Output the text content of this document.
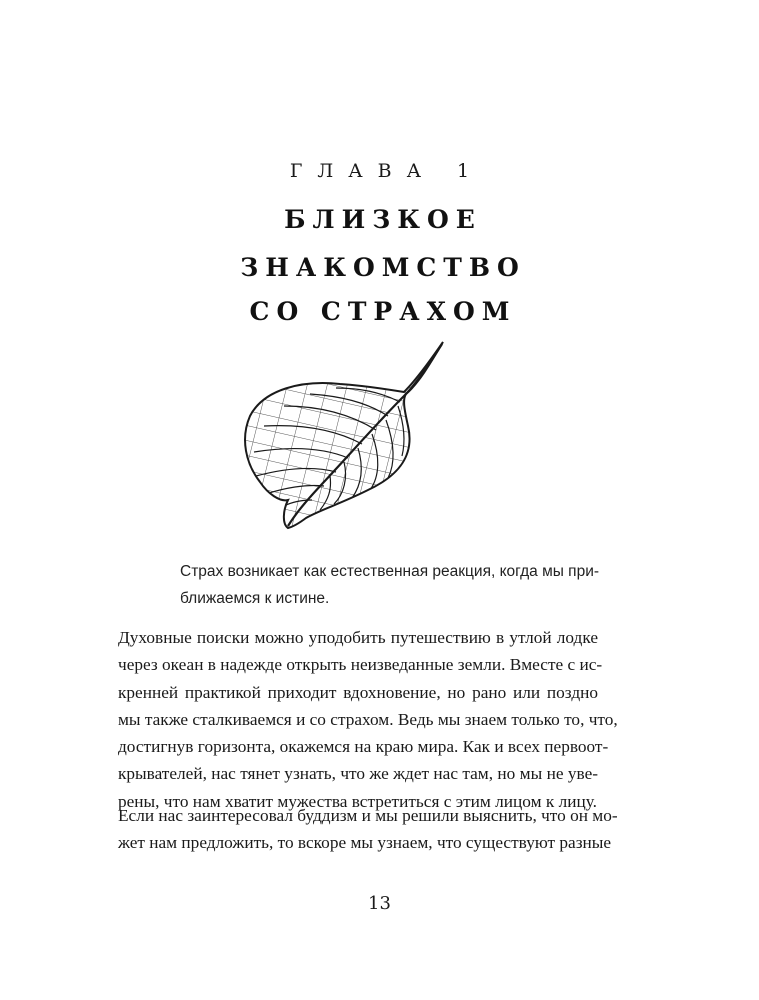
ГЛАВА 1
БЛИЗКОЕ
ЗНАКОМСТВО
СО СТРАХОМ
Страх возникает как естественная реакция, когда мы при-
ближаемся к истине.
Духовные поиски можно уподобить путешествию в утлой лодке
через океан в надежде открыть неизведанные земли. Вместе с ис-
кренней практикой приходит вдохновение, но рано или поздно
мы также сталкиваемся и со страхом. Ведь мы знаем только то, что,
достигнув горизонта, окажемся на краю мира. Как и всех первоот-
крывателей, нас тянет узнать, что же ждет нас там, но мы не уве-
рены, что нам хватит мужества встретиться с этим лицом к лицу.
Если нас заинтересовал буддизм и мы решили выяснить, что он мо-
жет нам предложить, то вскоре мы узнаем, что существуют разные
13
